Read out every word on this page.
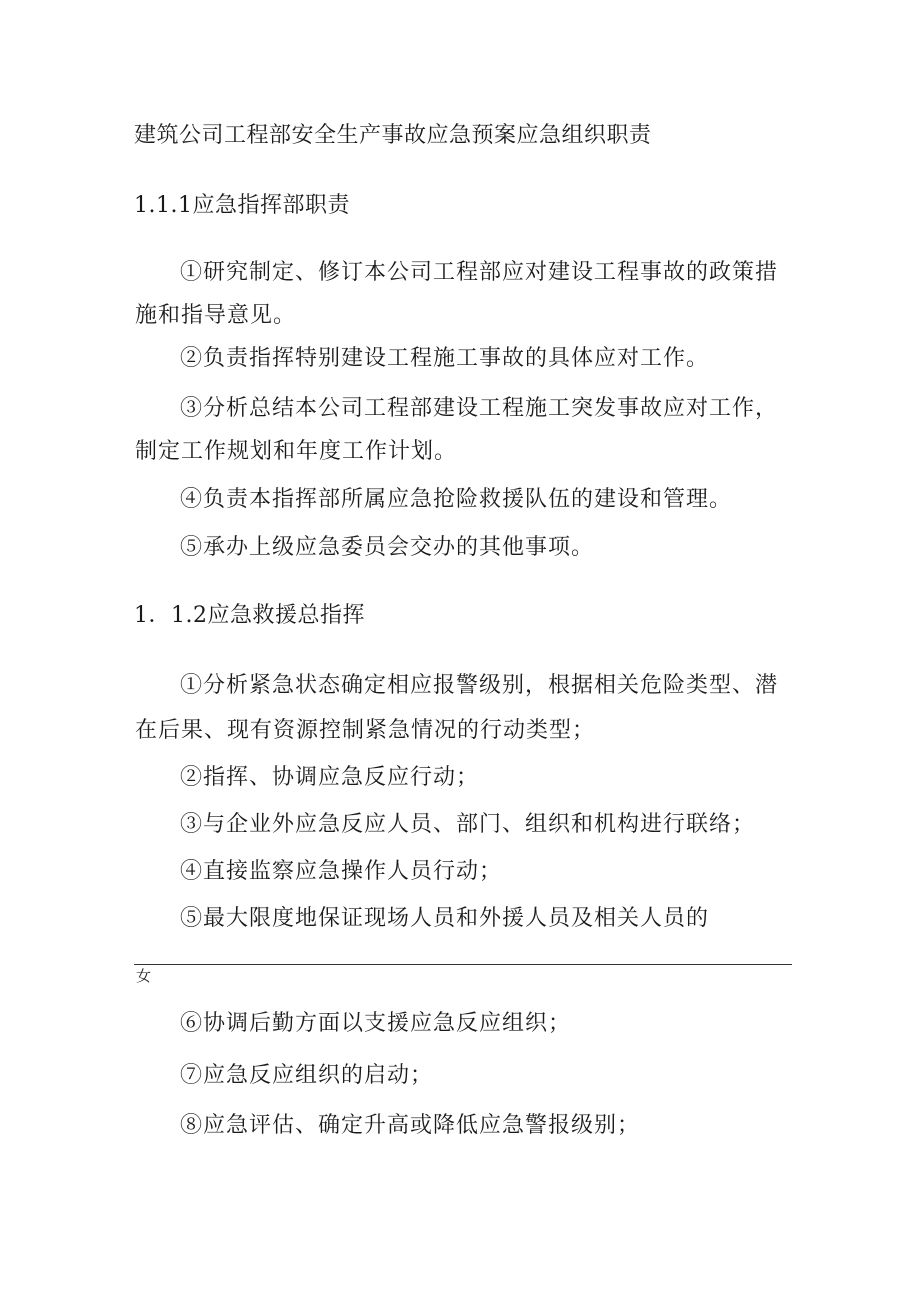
建筑公司工程部安全生产事故应急预案应急组织职责
1.1.1应急指挥部职责
①研究制定、修订本公司工程部应对建设工程事故的政策措
施和指导意见。
②负责指挥特别建设工程施工事故的具体应对工作。
③分析总结本公司工程部建设工程施工突发事故应对工作，
制定工作规划和年度工作计划。
④负责本指挥部所属应急抢险救援队伍的建设和管理。
⑤承办上级应急委员会交办的其他事项。
1．1.2应急救援总指挥
①分析紧急状态确定相应报警级别，根据相关危险类型、潜
在后果、现有资源控制紧急情况的行动类型；
②指挥、协调应急反应行动；
③与企业外应急反应人员、部门、组织和机构进行联络；
④直接监察应急操作人员行动；
⑤最大限度地保证现场人员和外援人员及相关人员的
女
⑥协调后勤方面以支援应急反应组织；
⑦应急反应组织的启动；
⑧应急评估、确定升高或降低应急警报级别；
